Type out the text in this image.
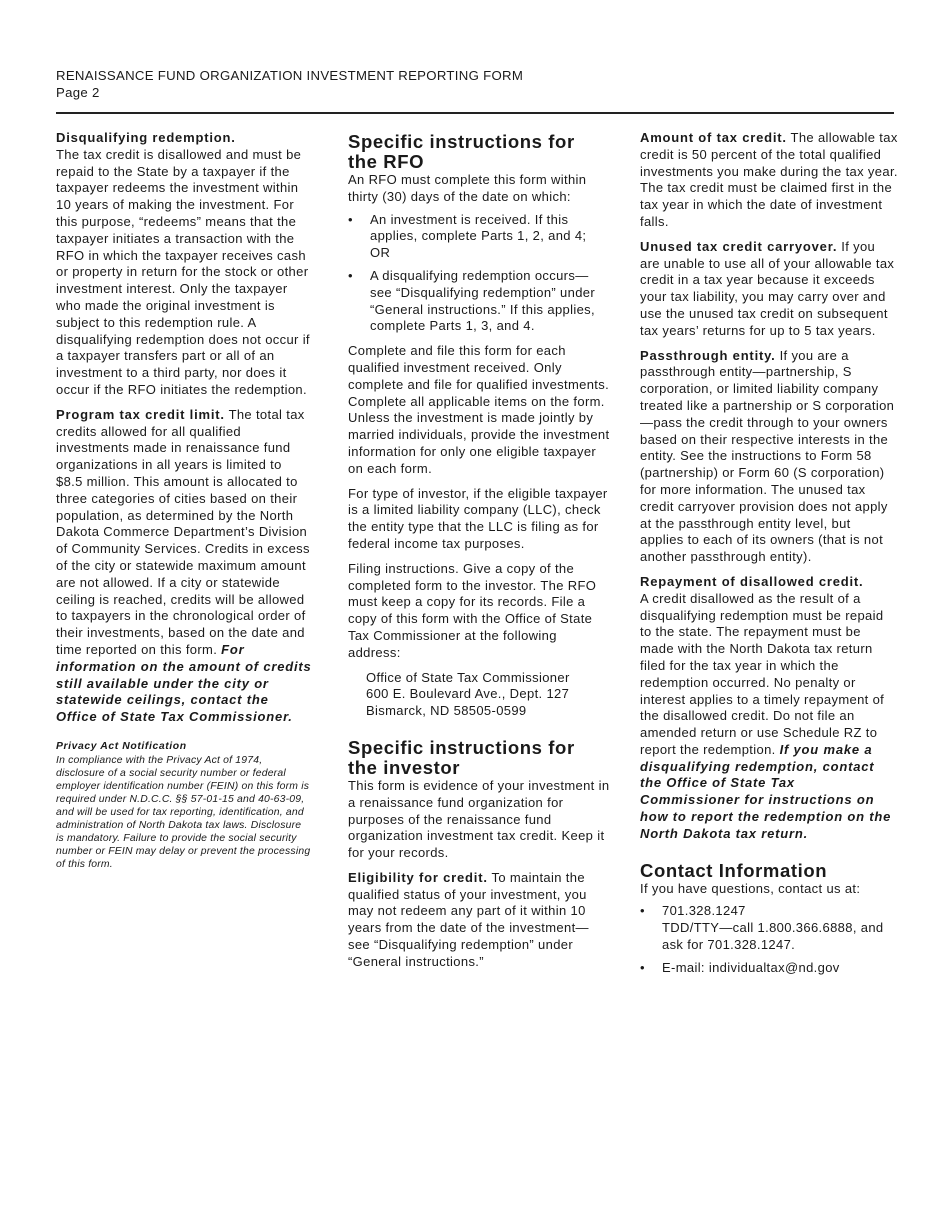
RENAISSANCE FUND ORGANIZATION INVESTMENT REPORTING FORM
Page 2

Disqualifying redemption.
The tax credit is disallowed and must be repaid to the State by a taxpayer if the taxpayer redeems the investment within 10 years of making the investment. For this purpose, “redeems” means that the taxpayer initiates a transaction with the RFO in which the taxpayer receives cash or property in return for the stock or other investment interest. Only the taxpayer who made the original investment is subject to this redemption rule. A disqualifying redemption does not occur if a taxpayer transfers part or all of an investment to a third party, nor does it occur if the RFO initiates the redemption.

Program tax credit limit. The total tax credits allowed for all qualified investments made in renaissance fund organizations in all years is limited to $8.5 million. This amount is allocated to three categories of cities based on their population, as determined by the North Dakota Commerce Department’s Division of Community Services. Credits in excess of the city or statewide maximum amount are not allowed. If a city or statewide ceiling is reached, credits will be allowed to taxpayers in the chronological order of their investments, based on the date and time reported on this form. For information on the amount of credits still available under the city or statewide ceilings, contact the Office of State Tax Commissioner.

Privacy Act Notification
In compliance with the Privacy Act of 1974, disclosure of a social security number or federal employer identification number (FEIN) on this form is required under N.D.C.C. §§ 57-01-15 and 40-63-09, and will be used for tax reporting, identification, and administration of North Dakota tax laws. Disclosure is mandatory. Failure to provide the social security number or FEIN may delay or prevent the processing of this form.
Specific instructions for the RFO

An RFO must complete this form within thirty (30) days of the date on which:

• An investment is received. If this applies, complete Parts 1, 2, and 4; OR
• A disqualifying redemption occurs—see “Disqualifying redemption” under “General instructions.” If this applies, complete Parts 1, 3, and 4.

Complete and file this form for each qualified investment received. Only complete and file for qualified investments. Complete all applicable items on the form. Unless the investment is made jointly by married individuals, provide the investment information for only one eligible taxpayer on each form.

For type of investor, if the eligible taxpayer is a limited liability company (LLC), check the entity type that the LLC is filing as for federal income tax purposes.

Filing instructions. Give a copy of the completed form to the investor. The RFO must keep a copy for its records. File a copy of this form with the Office of State Tax Commissioner at the following address:

Office of State Tax Commissioner
600 E. Boulevard Ave., Dept. 127
Bismarck, ND 58505-0599
Specific instructions for the investor

This form is evidence of your investment in a renaissance fund organization for purposes of the renaissance fund organization investment tax credit. Keep it for your records.

Eligibility for credit. To maintain the qualified status of your investment, you may not redeem any part of it within 10 years from the date of the investment—see “Disqualifying redemption” under “General instructions.”

Amount of tax credit. The allowable tax credit is 50 percent of the total qualified investments you make during the tax year. The tax credit must be claimed first in the tax year in which the date of investment falls.

Unused tax credit carryover. If you are unable to use all of your allowable tax credit in a tax year because it exceeds your tax liability, you may carry over and use the unused tax credit on subsequent tax years’ returns for up to 5 tax years.

Passthrough entity. If you are a passthrough entity—partnership, S corporation, or limited liability company treated like a partnership or S corporation—pass the credit through to your owners based on their respective interests in the entity. See the instructions to Form 58 (partnership) or Form 60 (S corporation) for more information. The unused tax credit carryover provision does not apply at the passthrough entity level, but applies to each of its owners (that is not another passthrough entity).

Repayment of disallowed credit.
A credit disallowed as the result of a disqualifying redemption must be repaid to the state. The repayment must be made with the North Dakota tax return filed for the tax year in which the redemption occurred. No penalty or interest applies to a timely repayment of the disallowed credit. Do not file an amended return or use Schedule RZ to report the redemption. If you make a disqualifying redemption, contact the Office of State Tax Commissioner for instructions on how to report the redemption on the North Dakota tax return.

Contact Information

If you have questions, contact us at:

• 701.328.1247
TDD/TTY—call 1.800.366.6888, and ask for 701.328.1247.
• E-mail: individualtax@nd.gov
